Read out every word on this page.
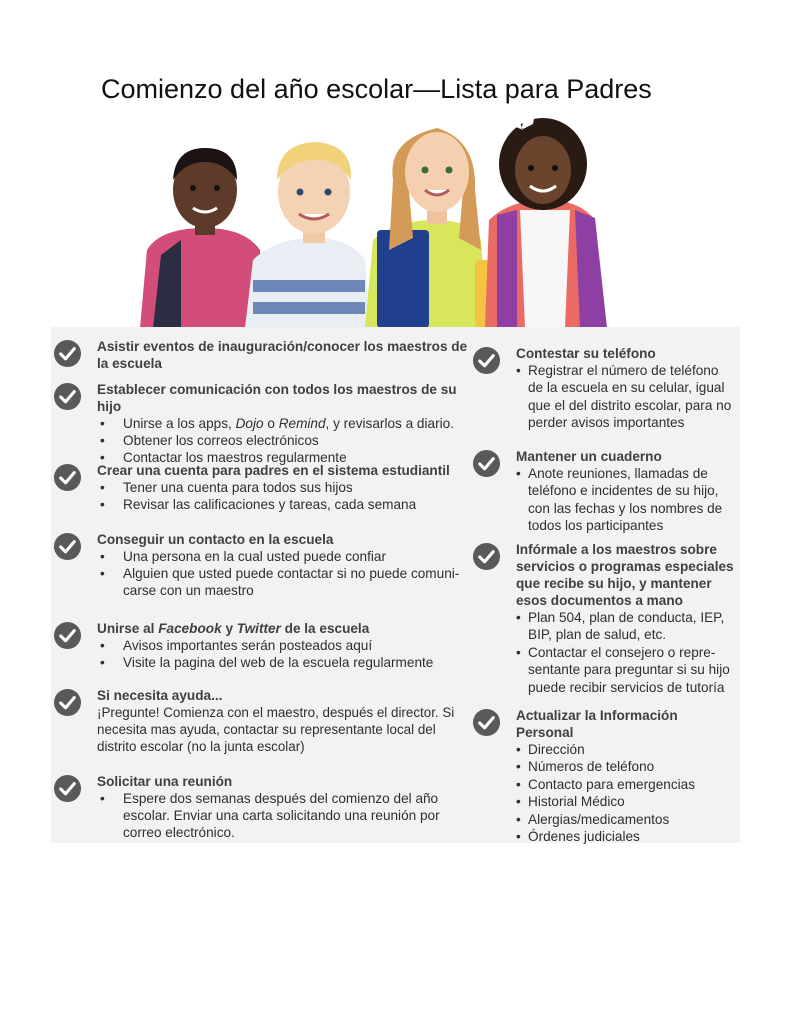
Comienzo del año escolar—Lista para Padres
Asistir eventos de inauguración/conocer los maestros de la escuela
Establecer comunicación con todos los maestros de su hijo
• Unirse a los apps, Dojo o Remind, y revisarlos a diario.
• Obtener los correos electrónicos
• Contactar los maestros regularmente
Crear una cuenta para padres en el sistema estudiantil
• Tener una cuenta para todos sus hijos
• Revisar las calificaciones y tareas, cada semana
Conseguir un contacto en la escuela
• Una persona en la cual usted puede confiar
• Alguien que usted puede contactar si no puede comuni-carse con un maestro
Unirse al Facebook y Twitter de la escuela
• Avisos importantes serán posteados aquí
• Visite la pagina del web de la escuela regularmente
Si necesita ayuda...
¡Pregunte! Comienza con el maestro, después el director. Si necesita mas ayuda, contactar su representante local del distrito escolar (no la junta escolar)
Solicitar una reunión
• Espere dos semanas después del comienzo del año escolar. Enviar una carta solicitando una reunión por correo electrónico.
Contestar su teléfono
• Registrar el número de teléfono de la escuela en su celular, igual que el del distrito escolar, para no perder avisos importantes
Mantener un cuaderno
• Anote reuniones, llamadas de teléfono e incidentes de su hijo, con las fechas y los nombres de todos los participantes
Infórmale a los maestros sobre servicios o programas especiales que recibe su hijo, y mantener esos documentos a mano
• Plan 504, plan de conducta, IEP, BIP, plan de salud, etc.
• Contactar el consejero o repre-sentante para preguntar si su hijo puede recibir servicios de tutoría
Actualizar la Información Personal
• Dirección
• Números de teléfono
• Contacto para emergencias
• Historial Médico
• Alergias/medicamentos
• Órdenes judiciales
